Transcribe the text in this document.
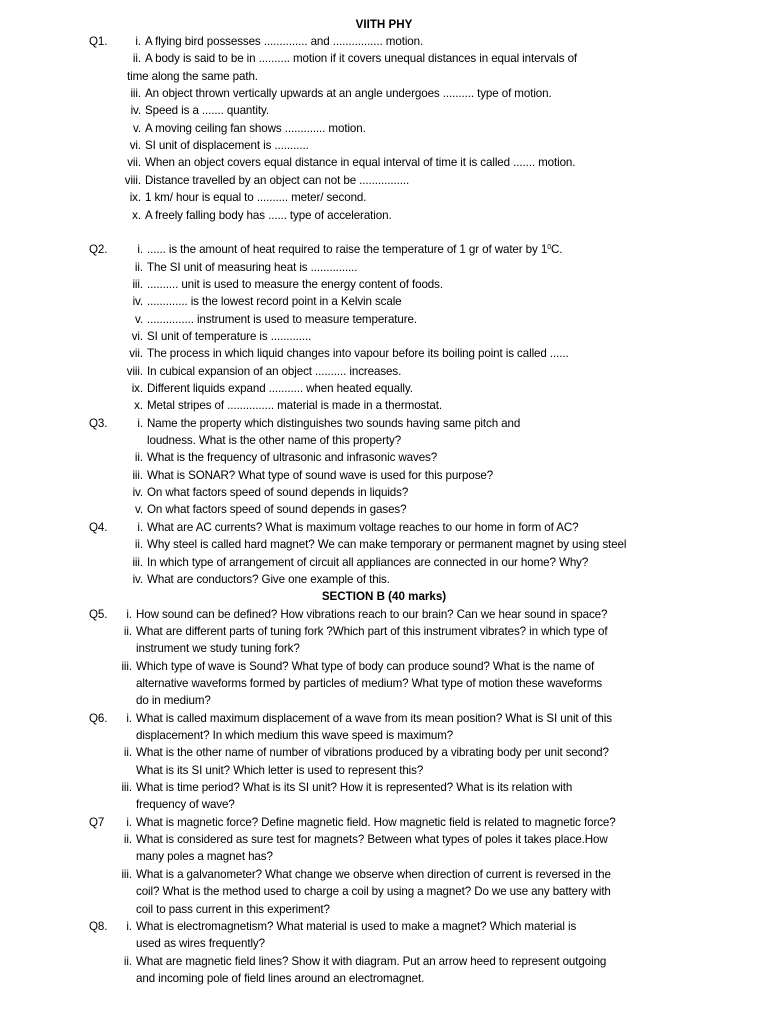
VIITH PHY
Q1. i. A flying bird possesses .............. and ................ motion.
ii. A body is said to be in .......... motion if it covers unequal distances in equal intervals of
time along the same path.
iii. An object thrown vertically upwards at an angle undergoes .......... type of motion.
iv. Speed is a ....... quantity.
v. A moving ceiling fan shows ............. motion.
vi. SI unit of displacement is ...........
vii. When an object covers equal distance in equal interval of time it is called ....... motion.
viii. Distance travelled by an object can not be ................
ix. 1 km/ hour is equal to .......... meter/ second.
x. A freely falling body has ...... type of acceleration.
Q2.	i. ...... is the amount of heat required to raise the temperature of 1 gr of water by $1^0C$.
ii. The SI unit of measuring heat is ...............
iii. .......... unit is used to measure the energy content of foods.
iv. ............. is the lowest record point in a Kelvin scale
v. ............... instrument is used to measure temperature.
vi. SI unit of temperature is .............
vii. The process in which liquid changes into vapour before its boiling point is called ......
viii. In cubical expansion of an object .......... increases.
ix. Different liquids expand ........... when heated equally.
x. Metal stripes of ............... material is made in a thermostat.
Q3.	i. Name the property which distinguishes two sounds having same pitch and
loudness. What is the other name of this property?
ii. What is the frequency of ultrasonic and infrasonic waves?
iii. What is SONAR? What type of sound wave is used for this purpose?
iv. On what factors speed of sound depends in liquids?
v. On what factors speed of sound depends in gases?
Q4.	i. What are AC currents? What is maximum voltage reaches to our home in form of AC?
ii. Why steel is called hard magnet? We can make temporary or permanent magnet by using steel
iii. In which type of arrangement of circuit all appliances are connected in our home? Why?
iv. What are conductors? Give one example of this.
Q5. i. How sound can be defined? How vibrations reach to our brain? Can we hear sound in space?
ii. What are different parts of tuning fork ?Which part of this instrument vibrates? in which type of
instrument we study tuning fork?
iii. Which type of wave is Sound? What type of body can produce sound? What is the name of
alternative waveforms formed by particles of medium? What type of motion these waveforms
do in medium?
Q6. i. What is called maximum displacement of a wave from its mean position? What is SI unit of this
displacement? In which medium this wave speed is maximum?
ii. What is the other name of number of vibrations produced by a vibrating body per unit second?
What is its SI unit? Which letter is used to represent this?
iii. What is time period? What is its SI unit? How it is represented? What is its relation with
frequency of wave?
Q7 i. What is magnetic force? Define magnetic field. How magnetic field is related to magnetic force?
ii. What is considered as sure test for magnets? Between what types of poles it takes place.How
many poles a magnet has?
iii. What is a galvanometer? What change we observe when direction of current is reversed in the
coil? What is the method used to charge a coil by using a magnet? Do we use any battery with
coil to pass current in this experiment?
Q8. i. What is electromagnetism? What material is used to make a magnet? Which material is
used as wires frequently?
ii. What are magnetic field lines? Show it with diagram. Put an arrow heed to represent outgoing
and incoming pole of field lines around an electromagnet.
SECTION B (40 marks)
